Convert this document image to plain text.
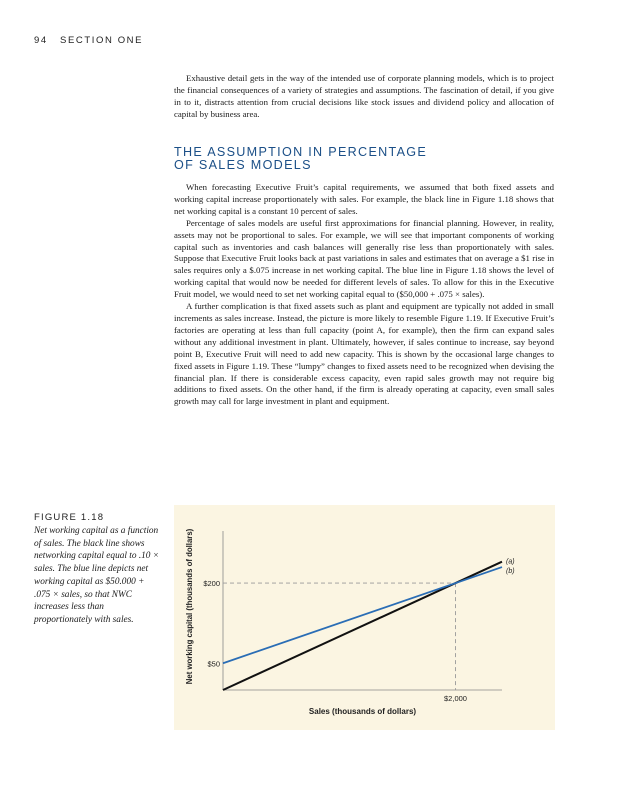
94 SECTION ONE

Exhaustive detail gets in the way of the intended use of corporate planning models, which is to project the financial consequences of a variety of strategies and assumptions. The fascination of detail, if you give in to it, distracts attention from crucial decisions like stock issues and dividend policy and allocation of capital by business area.

THE ASSUMPTION IN PERCENTAGE
OF SALES MODELS

When forecasting Executive Fruit’s capital requirements, we assumed that both fixed assets and working capital increase proportionately with sales. For example, the black line in Figure 1.18 shows that net working capital is a constant 10 percent of sales.

Percentage of sales models are useful first approximations for financial planning. However, in reality, assets may not be proportional to sales. For example, we will see that important components of working capital such as inventories and cash balances will generally rise less than proportionately with sales. Suppose that Executive Fruit looks back at past variations in sales and estimates that on average a $1 rise in sales requires only a $.075 increase in net working capital. The blue line in Figure 1.18 shows the level of working capital that would now be needed for different levels of sales. To allow for this in the Executive Fruit model, we would need to set net working capital equal to ($50,000 + .075 × sales).

A further complication is that fixed assets such as plant and equipment are typically not added in small increments as sales increase. Instead, the picture is more likely to resemble Figure 1.19. If Executive Fruit’s factories are operating at less than full capacity (point A, for example), then the firm can expand sales without any additional investment in plant. Ultimately, however, if sales continue to increase, say beyond point B, Executive Fruit will need to add new capacity. This is shown by the occasional large changes to fixed assets in Figure 1.19. These “lumpy” changes to fixed assets need to be recognized when devising the financial plan. If there is considerable excess capacity, even rapid sales growth may not require big additions to fixed assets. On the other hand, if the firm is already operating at capacity, even small sales growth may call for large investment in plant and equipment.

FIGURE 1.18

Net working capital as a function of sales. The black line shows networking capital equal to .10 × sales. The blue line depicts net working capital as $50.000 + .075 × sales, so that NWC increases less than proportionately with sales.

$50
$200
$2,000
(a)
(b)
Sales (thousands of dollars)
Net working capital (thousands of dollars)
